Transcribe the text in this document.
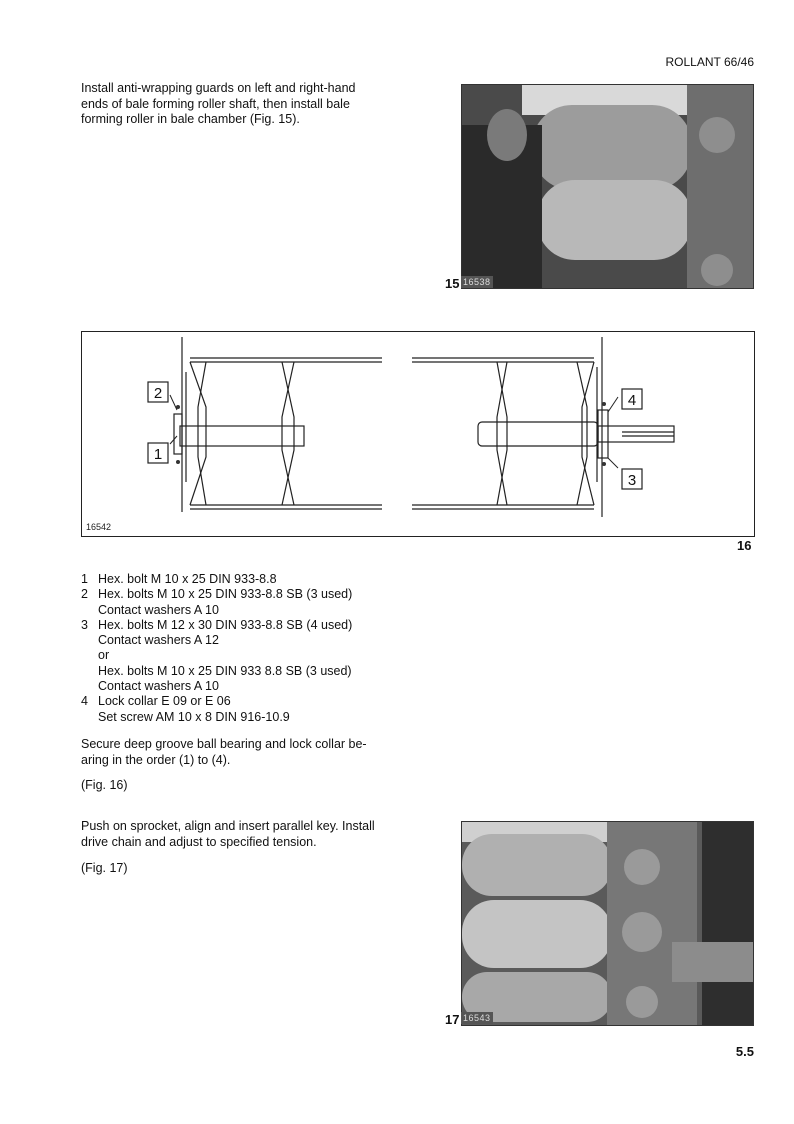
ROLLANT 66/46
Install anti-wrapping guards on left and right-hand ends of bale forming roller shaft, then install bale forming roller in bale chamber (Fig. 15).
15 16538
2
1
4
3
16542
16
1 Hex. bolt M 10 x 25 DIN 933-8.8
2 Hex. bolts M 10 x 25 DIN 933-8.8 SB (3 used)
Contact washers A 10
3 Hex. bolts M 12 x 30 DIN 933-8.8 SB (4 used)
Contact washers A 12
or
Hex. bolts M 10 x 25 DIN 933 8.8 SB (3 used)
Contact washers A 10
4 Lock collar E 09 or E 06
Set screw AM 10 x 8 DIN 916-10.9
Secure deep groove ball bearing and lock collar be-aring in the order (1) to (4).
(Fig. 16)
Push on sprocket, align and insert parallel key. Install drive chain and adjust to specified tension.
(Fig. 17)
17 16543
5.5
